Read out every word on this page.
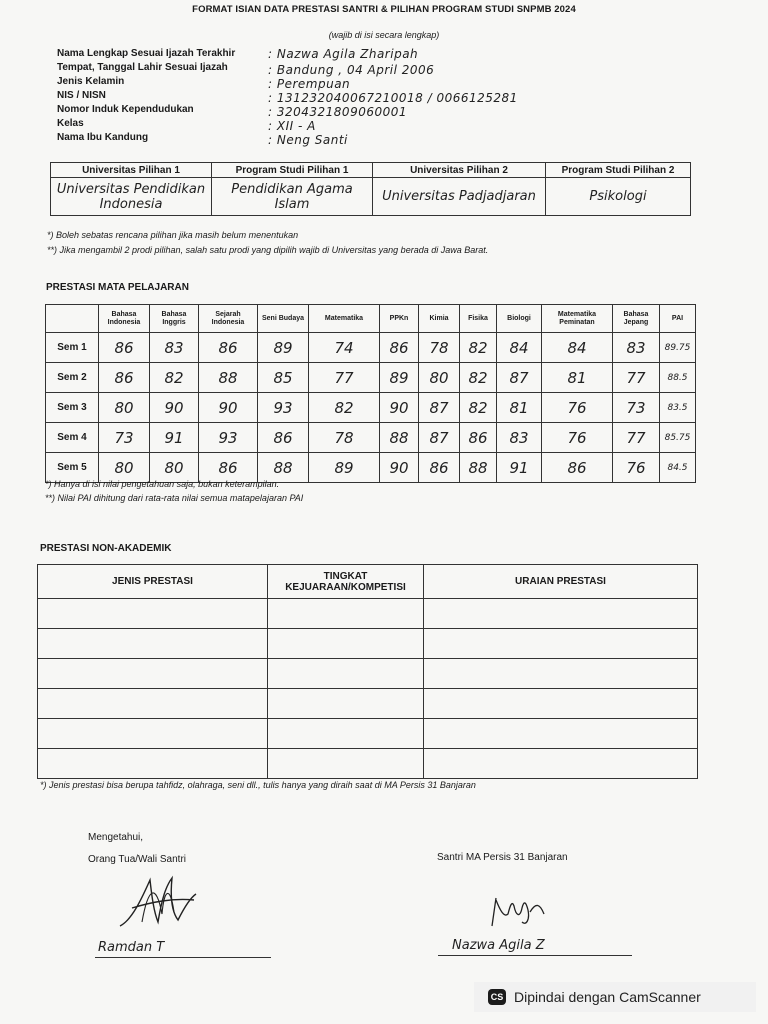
FORMAT ISIAN DATA PRESTASI SANTRI & PILIHAN PROGRAM STUDI SNPMB 2024
(wajib di isi secara lengkap)
Nama Lengkap Sesuai Ijazah Terakhir	: Nazwa Agila Zharipah
Tempat, Tanggal Lahir Sesuai Ijazah	: Bandung , 04 April 2006
Jenis Kelamin	: Perempuan
NIS / NISN	: 131232040067210018 / 0066125281
Nomor Induk Kependudukan	: 3204321809060001
Kelas	: XII - A
Nama Ibu Kandung	: Neng Santi
Universitas Pilihan 1	Program Studi Pilihan 1	Universitas Pilihan 2	Program Studi Pilihan 2
Universitas Pendidikan Indonesia	Pendidikan Agama Islam	Universitas Padjadjaran	Psikologi
*) Boleh sebatas rencana pilihan jika masih belum menentukan
**) Jika mengambil 2 prodi pilihan, salah satu prodi yang dipilih wajib di Universitas yang berada di Jawa Barat.
PRESTASI MATA PELAJARAN
	Bahasa Indonesia	Bahasa Inggris	Sejarah Indonesia	Seni Budaya	Matematika	PPKn	Kimia	Fisika	Biologi	Matematika Peminatan	Bahasa Jepang	PAI
Sem 1	86	83	86	89	74	86	78	82	84	84	83	89.75
Sem 2	86	82	88	85	77	89	80	82	87	81	77	88.5
Sem 3	80	90	90	93	82	90	87	82	81	76	73	83.5
Sem 4	73	91	93	86	78	88	87	86	83	76	77	85.75
Sem 5	80	80	86	88	89	90	86	88	91	86	76	84.5
*) Hanya di isi nilai pengetahuan saja, bukan keterampilan.
**) Nilai PAI dihitung dari rata-rata nilai semua matapelajaran PAI
PRESTASI NON-AKADEMIK
JENIS PRESTASI	TINGKAT KEJUARAAN/KOMPETISI	URAIAN PRESTASI

*) Jenis prestasi bisa berupa tahfidz, olahraga, seni dll., tulis hanya yang diraih saat di MA Persis 31 Banjaran
Mengetahui,
Orang Tua/Wali Santri
Ramdan T
Santri MA Persis 31 Banjaran
Nazwa Agila Z
CS Dipindai dengan CamScanner
